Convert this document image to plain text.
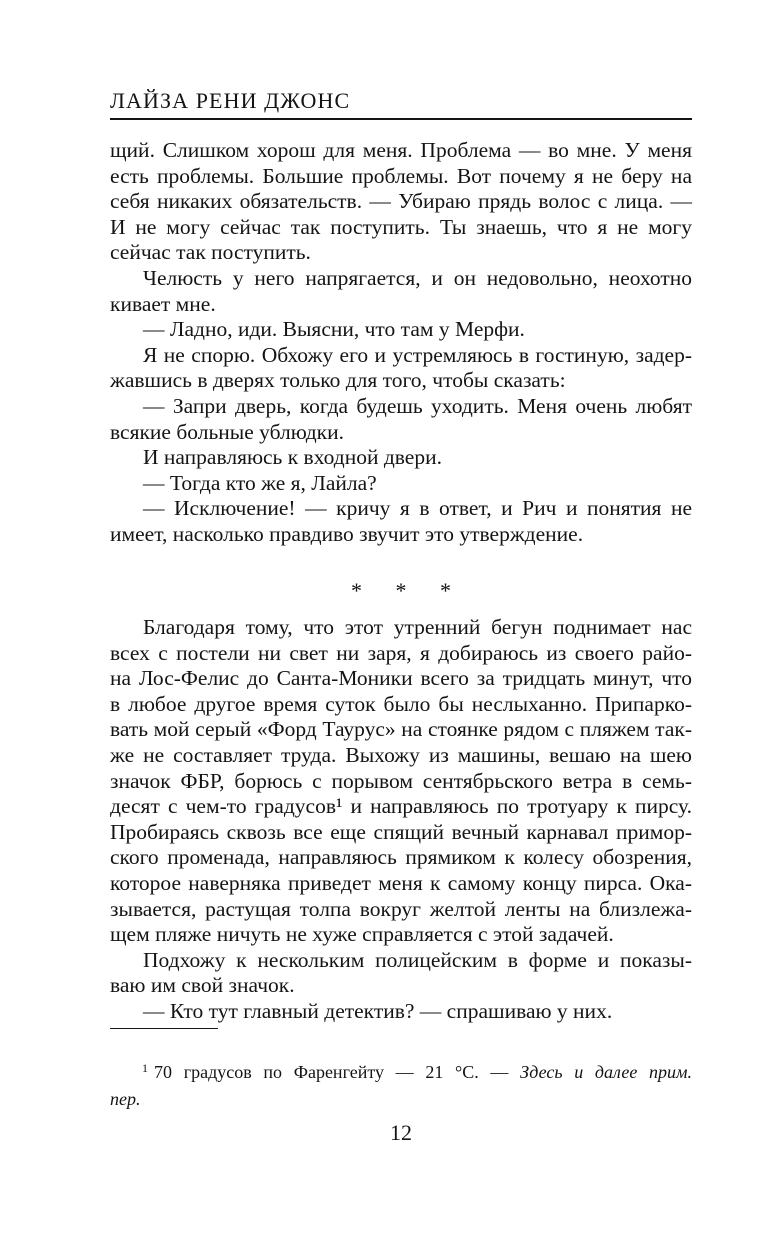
ЛАЙЗА РЕНИ ДЖОНС
щий. Слишком хорош для меня. Проблема — во мне. У меня
есть проблемы. Большие проблемы. Вот почему я не беру на
себя никаких обязательств. — Убираю прядь волос с лица. —
И не могу сейчас так поступить. Ты знаешь, что я не могу
сейчас так поступить.
Челюсть у него напрягается, и он недовольно, неохотно
кивает мне.
— Ладно, иди. Выясни, что там у Мерфи.
Я не спорю. Обхожу его и устремляюсь в гостиную, задер-
жавшись в дверях только для того, чтобы сказать:
— Запри дверь, когда будешь уходить. Меня очень любят
всякие больные ублюдки.
И направляюсь к входной двери.
— Тогда кто же я, Лайла?
— Исключение! — кричу я в ответ, и Рич и понятия не
имеет, насколько правдиво звучит это утверждение.
* * *
Благодаря тому, что этот утренний бегун поднимает нас
всех с постели ни свет ни заря, я добираюсь из своего райо-
на Лос-Фелис до Санта-Моники всего за тридцать минут, что
в любое другое время суток было бы неслыханно. Припарко-
вать мой серый «Форд Таурус» на стоянке рядом с пляжем так-
же не составляет труда. Выхожу из машины, вешаю на шею
значок ФБР, борюсь с порывом сентябрьского ветра в семь-
десят с чем-то градусов¹ и направляюсь по тротуару к пирсу.
Пробираясь сквозь все еще спящий вечный карнавал примор-
ского променада, направляюсь прямиком к колесу обозрения,
которое наверняка приведет меня к самому концу пирса. Ока-
зывается, растущая толпа вокруг желтой ленты на близлежа-
щем пляже ничуть не хуже справляется с этой задачей.
Подхожу к нескольким полицейским в форме и показы-
ваю им свой значок.
— Кто тут главный детектив? — спрашиваю у них.
$^1$ 70 градусов по Фаренгейту — 21 °С. — Здесь и далее прим.
пер.
12
